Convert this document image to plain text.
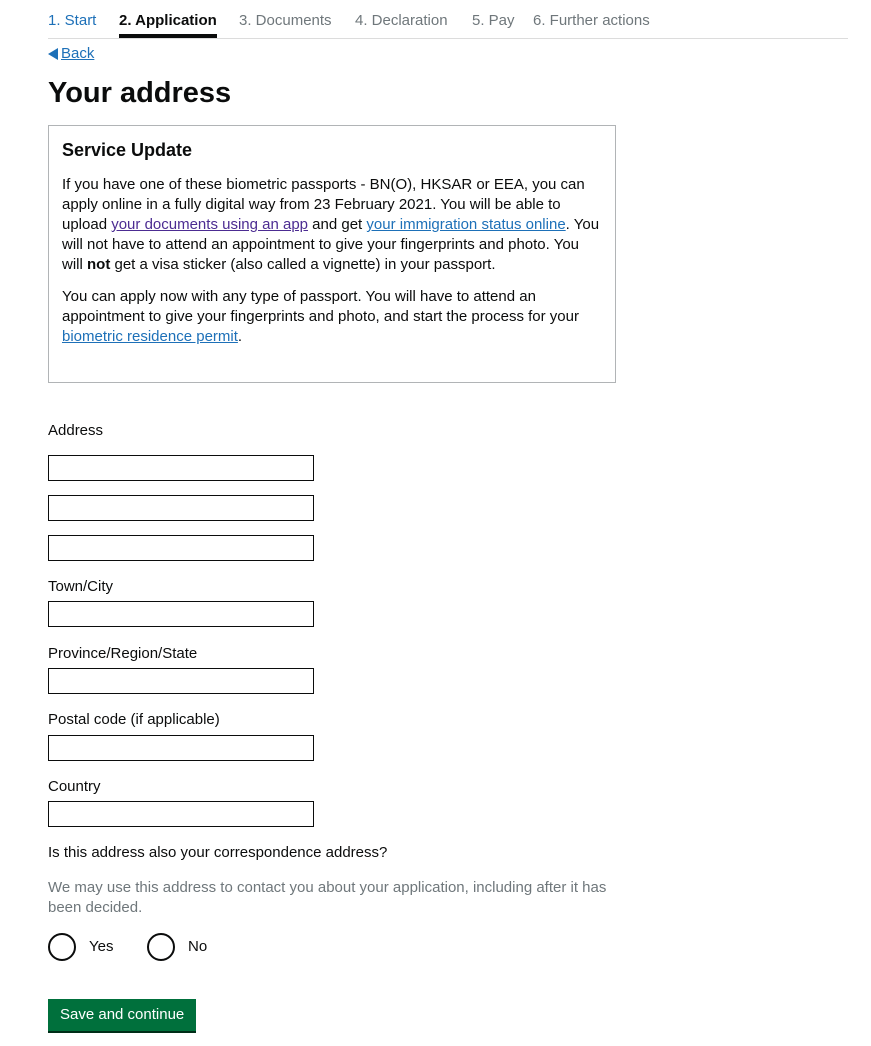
1. Start 2. Application 3. Documents 4. Declaration 5. Pay 6. Further actions
Back
Your address
Service Update

If you have one of these biometric passports - BN(O), HKSAR or EEA, you can apply online in a fully digital way from 23 February 2021. You will be able to upload your documents using an app and get your immigration status online. You will not have to attend an appointment to give your fingerprints and photo. You will not get a visa sticker (also called a vignette) in your passport.

You can apply now with any type of passport. You will have to attend an appointment to give your fingerprints and photo, and start the process for your biometric residence permit.

Address
Town/City
Province/Region/State
Postal code (if applicable)
Country
Is this address also your correspondence address?
We may use this address to contact you about your application, including after it has been decided.
Yes	No
Save and continue
